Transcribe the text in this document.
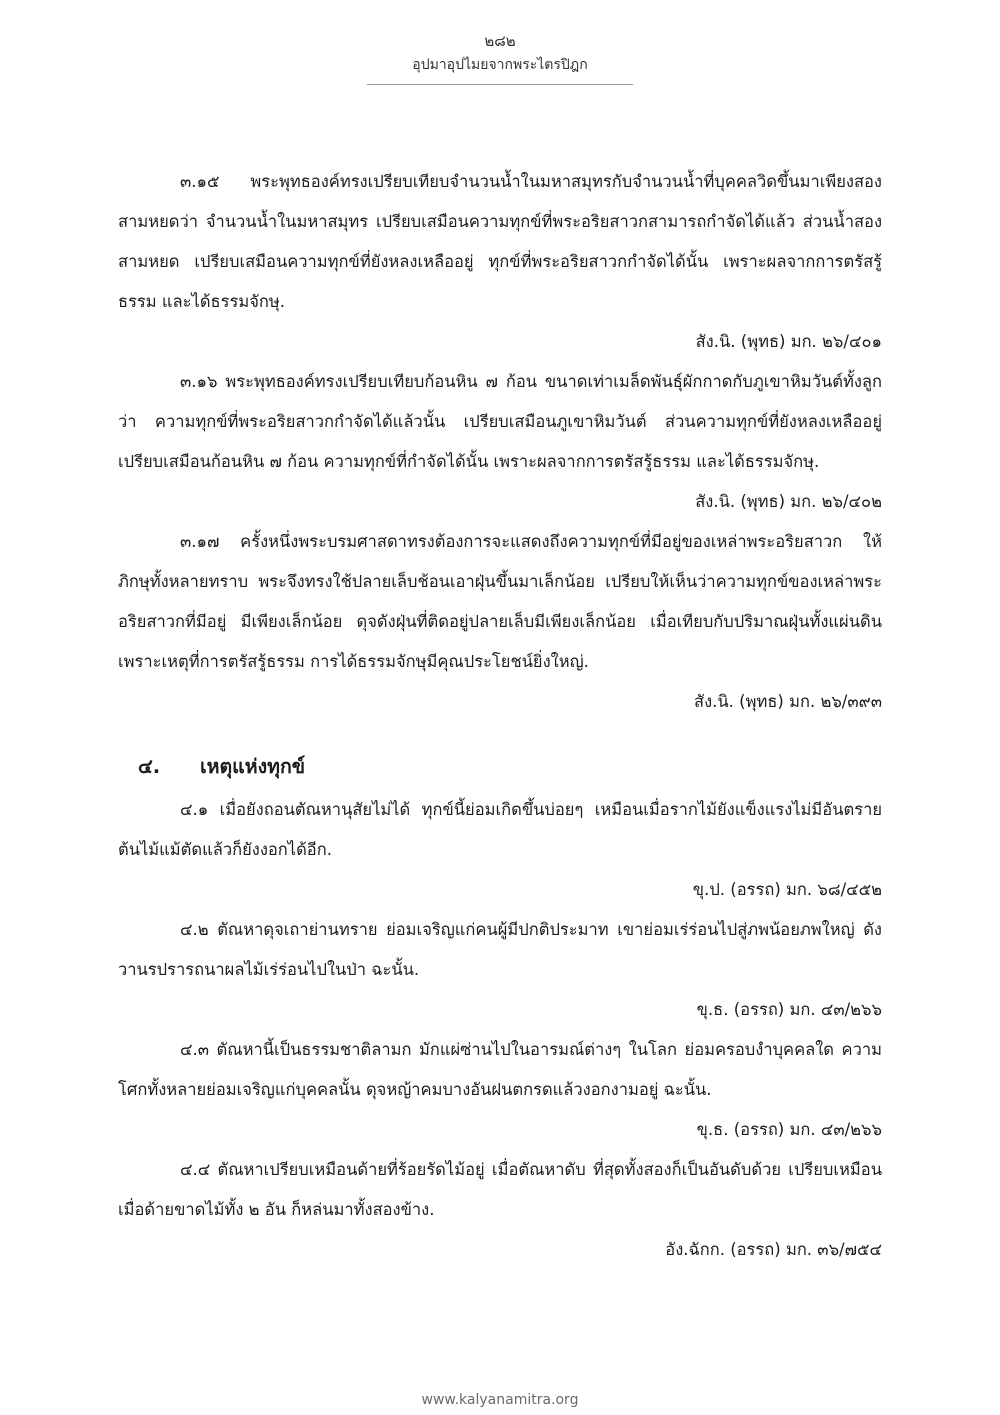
๒๘๒
อุปมาอุปไมยจากพระไตรปิฎก

๓.๑๕ พระพุทธองค์ทรงเปรียบเทียบจำนวนน้ำในมหาสมุทรกับจำนวนน้ำที่บุคคลวิดขึ้นมาเพียงสองสามหยดว่า จำนวนน้ำในมหาสมุทร เปรียบเสมือนความทุกข์ที่พระอริยสาวกสามารถกำจัดได้แล้ว ส่วนน้ำสองสามหยด เปรียบเสมือนความทุกข์ที่ยังหลงเหลืออยู่ ทุกข์ที่พระอริยสาวกกำจัดได้นั้น เพราะผลจากการตรัสรู้ธรรม และได้ธรรมจักษุ.

สัง.นิ. (พุทธ) มก. ๒๖/๔๐๑

๓.๑๖ พระพุทธองค์ทรงเปรียบเทียบก้อนหิน ๗ ก้อน ขนาดเท่าเมล็ดพันธุ์ผักกาดกับภูเขาหิมวันต์ทั้งลูกว่า ความทุกข์ที่พระอริยสาวกกำจัดได้แล้วนั้น เปรียบเสมือนภูเขาหิมวันต์ ส่วนความทุกข์ที่ยังหลงเหลืออยู่ เปรียบเสมือนก้อนหิน ๗ ก้อน ความทุกข์ที่กำจัดได้นั้น เพราะผลจากการตรัสรู้ธรรม และได้ธรรมจักษุ.

สัง.นิ. (พุทธ) มก. ๒๖/๔๐๒

๓.๑๗ ครั้งหนึ่งพระบรมศาสดาทรงต้องการจะแสดงถึงความทุกข์ที่มีอยู่ของเหล่าพระอริยสาวก ให้ภิกษุทั้งหลายทราบ พระจึงทรงใช้ปลายเล็บช้อนเอาฝุ่นขึ้นมาเล็กน้อย เปรียบให้เห็นว่าความทุกข์ของเหล่าพระอริยสาวกที่มีอยู่ มีเพียงเล็กน้อย ดุจดังฝุ่นที่ติดอยู่ปลายเล็บมีเพียงเล็กน้อย เมื่อเทียบกับปริมาณฝุ่นทั้งแผ่นดิน เพราะเหตุที่การตรัสรู้ธรรม การได้ธรรมจักษุมีคุณประโยชน์ยิ่งใหญ่.

สัง.นิ. (พุทธ) มก. ๒๖/๓๙๓

๔. เหตุแห่งทุกข์

๔.๑ เมื่อยังถอนตัณหานุสัยไม่ได้ ทุกข์นี้ย่อมเกิดขึ้นบ่อยๆ เหมือนเมื่อรากไม้ยังแข็งแรงไม่มีอันตราย ต้นไม้แม้ตัดแล้วก็ยังงอกได้อีก.

ขุ.ป. (อรรถ) มก. ๖๘/๔๕๒

๔.๒ ตัณหาดุจเถาย่านทราย ย่อมเจริญแก่คนผู้มีปกติประมาท เขาย่อมเร่ร่อนไปสู่ภพน้อยภพใหญ่ ดังวานรปรารถนาผลไม้เร่ร่อนไปในป่า ฉะนั้น.

ขุ.ธ. (อรรถ) มก. ๔๓/๒๖๖

๔.๓ ตัณหานี้เป็นธรรมชาติลามก มักแผ่ซ่านไปในอารมณ์ต่างๆ ในโลก ย่อมครอบงำบุคคลใด ความโศกทั้งหลายย่อมเจริญแก่บุคคลนั้น ดุจหญ้าคมบางอันฝนตกรดแล้วงอกงามอยู่ ฉะนั้น.

ขุ.ธ. (อรรถ) มก. ๔๓/๒๖๖

๔.๔ ตัณหาเปรียบเหมือนด้ายที่ร้อยรัดไม้อยู่ เมื่อตัณหาดับ ที่สุดทั้งสองก็เป็นอันดับด้วย เปรียบเหมือนเมื่อด้ายขาดไม้ทั้ง ๒ อัน ก็หล่นมาทั้งสองข้าง.

อัง.ฉักก. (อรรถ) มก. ๓๖/๗๕๔

www.kalyanamitra.org
